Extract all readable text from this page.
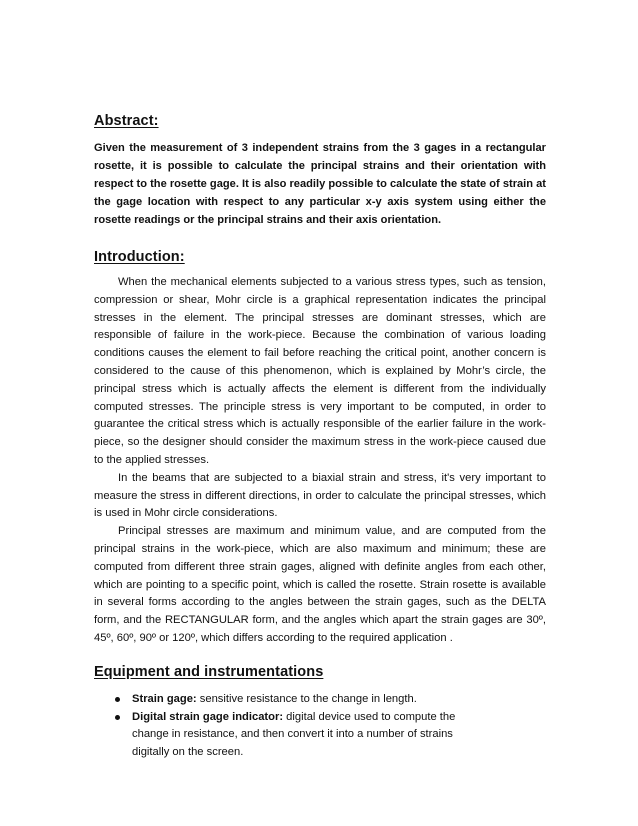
Abstract:

Given the measurement of 3 independent strains from the 3 gages in a rectangular rosette, it is possible to calculate the principal strains and their orientation with respect to the rosette gage. It is also readily possible to calculate the state of strain at the gage location with respect to any particular x-y axis system using either the rosette readings or the principal strains and their axis orientation.

Introduction:

When the mechanical elements subjected to a various stress types, such as tension, compression or shear, Mohr circle is a graphical representation indicates the principal stresses in the element. The principal stresses are dominant stresses, which are responsible of failure in the work-piece. Because the combination of various loading conditions causes the element to fail before reaching the critical point, another concern is considered to the cause of this phenomenon, which is explained by Mohr’s circle, the principal stress which is actually affects the element is different from the individually computed stresses. The principle stress is very important to be computed, in order to guarantee the critical stress which is actually responsible of the earlier failure in the work-piece, so the designer should consider the maximum stress in the work-piece caused due to the applied stresses.

In the beams that are subjected to a biaxial strain and stress, it's very important to measure the stress in different directions, in order to calculate the principal stresses, which is used in Mohr circle considerations.

Principal stresses are maximum and minimum value, and are computed from the principal strains in the work-piece, which are also maximum and minimum; these are computed from different three strain gages, aligned with definite angles from each other, which are pointing to a specific point, which is called the rosette. Strain rosette is available in several forms according to the angles between the strain gages, such as the DELTA form, and the RECTANGULAR form, and the angles which apart the strain gages are 30º, 45º, 60º, 90º or 120º, which differs according to the required application .

Equipment and instrumentations
Strain gage: sensitive resistance to the change in length.
Digital strain gage indicator: digital device used to compute the change in resistance, and then convert it into a number of strains digitally on the screen.
